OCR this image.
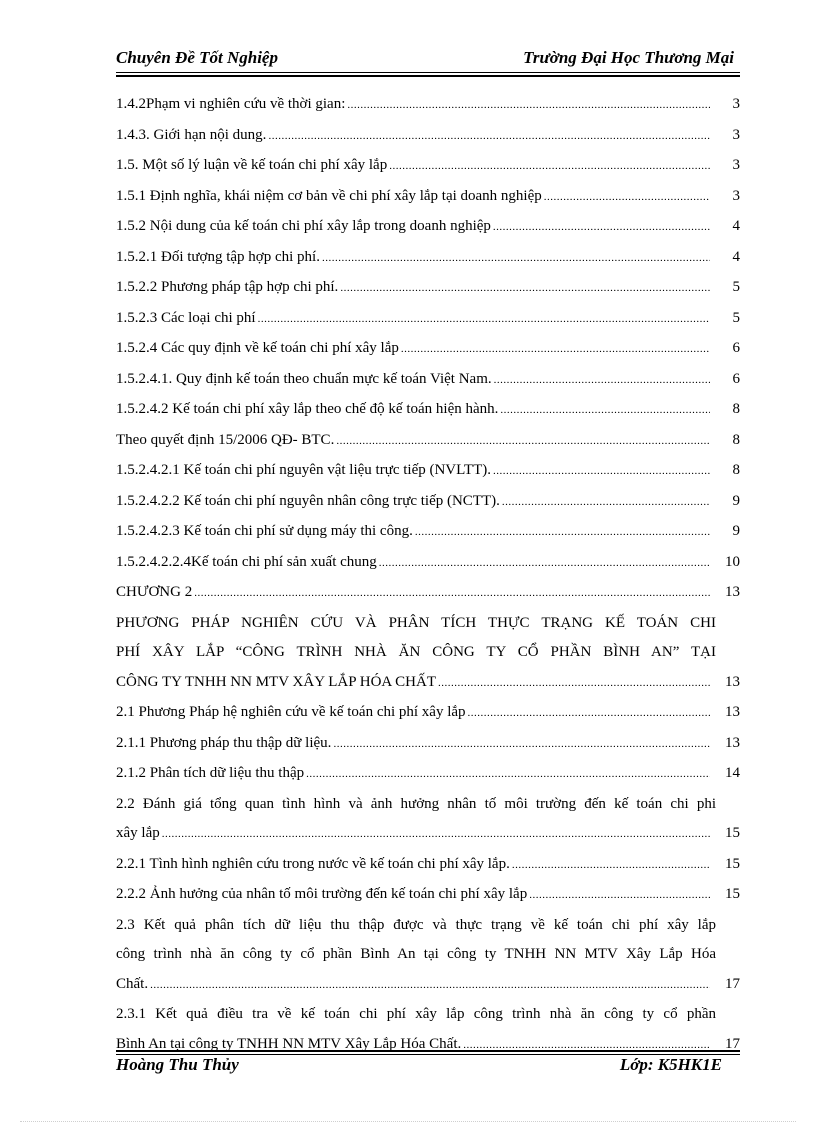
Chuyên Đề Tốt Nghiệp	Trường Đại Học Thương Mại
1.4.2Phạm vi nghiên cứu về thời gian: .....	3
1.4.3. Giới hạn nội dung. .....	3
1.5. Một số lý luận về kế toán chi phí xây lắp .....	3
1.5.1 Định nghĩa, khái niệm cơ bản về chi phí xây lắp tại doanh nghiệp .....	3
1.5.2 Nội dung của kế toán chi phí xây lắp trong doanh nghiệp .....	4
1.5.2.1 Đối tượng tập hợp chi phí. .....	4
1.5.2.2 Phương pháp tập hợp chi phí. .....	5
1.5.2.3 Các loại chi phí .....	5
1.5.2.4 Các quy định về kế toán chi phí xây lắp .....	6
1.5.2.4.1. Quy định kế toán theo chuẩn mực kế toán Việt Nam. .....	6
1.5.2.4.2 Kế toán chi phí xây lắp theo chế độ kế toán hiện hành. .....	8
Theo quyết định 15/2006 QĐ- BTC. .....	8
1.5.2.4.2.1 Kế toán chi phí nguyên vật liệu trực tiếp (NVLTT). .....	8
1.5.2.4.2.2 Kế toán chi phí nguyên nhân công trực tiếp (NCTT). .....	9
1.5.2.4.2.3 Kế toán chi phí sử dụng máy thi công. .....	9
1.5.2.4.2.2.4Kế toán chi phí sản xuất chung .....	10
CHƯƠNG 2 .....	13
PHƯƠNG PHÁP NGHIÊN CỨU VÀ PHÂN TÍCH THỰC TRẠNG KẾ TOÁN CHI
PHÍ XÂY LẮP “CÔNG TRÌNH NHÀ ĂN CÔNG TY CỔ PHẦN BÌNH AN” TẠI
CÔNG TY TNHH NN MTV XÂY LẮP HÓA CHẤT .....	13
2.1 Phương Pháp hệ nghiên cứu về kế toán chi phí xây lắp .....	13
2.1.1 Phương pháp thu thập dữ liệu. .....	13
2.1.2 Phân tích dữ liệu thu thập .....	14
2.2 Đánh giá tổng quan tình hình và ảnh hưởng nhân tố môi trường đến kế toán chi phi
xây lắp .....	15
2.2.1 Tình hình nghiên cứu trong nước về kế toán chi phí xây lắp. .....	15
2.2.2 Ảnh hưởng của nhân tố môi trường đến kế toán chi phí xây lắp .....	15
2.3 Kết quả phân tích dữ liệu thu thập được và thực trạng về kế toán chi phí xây lắp
công trình nhà ăn công ty cổ phần Bình An tại công ty TNHH NN MTV Xây Lắp Hóa
Chất. .....	17
2.3.1 Kết quả điều tra về kế toán chi phí xây lắp công trình nhà ăn công ty cổ phần
Bình An tại công ty TNHH NN MTV Xây Lắp Hóa Chất. .....	17
Hoàng Thu Thủy	Lớp: K5HK1E
